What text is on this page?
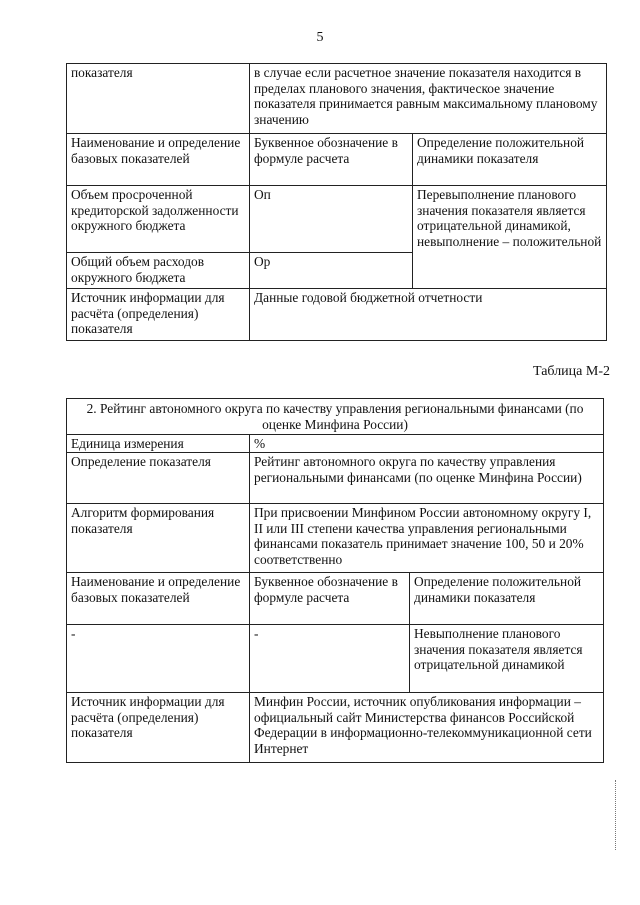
5
показателя	в случае если расчетное значение показателя находится в пределах планового значения, фактическое значение показателя принимается равным максимальному плановому значению	
Наименование и определение базовых показателей	Буквенное обозначение в формуле расчета	Определение положительной динамики показателя
Объем просроченной кредиторской задолженности окружного бюджета	Оп	Перевыполнение планового значения показателя является отрицательной динамикой, невыполнение – положительной
Общий объем расходов окружного бюджета	Ор	
Источник информации для расчёта (определения) показателя	Данные годовой бюджетной отчетности	
Таблица М-2
2. Рейтинг автономного округа по качеству управления региональными финансами (по оценке Минфина России)		
Единица измерения	%	
Определение показателя	Рейтинг автономного округа по качеству управления региональными финансами (по оценке Минфина России)	
Алгоритм формирования показателя	При присвоении Минфином России автономному округу I, II или III степени качества управления региональными финансами показатель принимает значение 100, 50 и 20% соответственно	
Наименование и определение базовых показателей	Буквенное обозначение в формуле расчета	Определение положительной динамики показателя
-	-	Невыполнение планового значения показателя является отрицательной динамикой
Источник информации для расчёта (определения) показателя	Минфин России, источник опубликования информации – официальный сайт Министерства финансов Российской Федерации в информационно-телекоммуникационной сети Интернет	
